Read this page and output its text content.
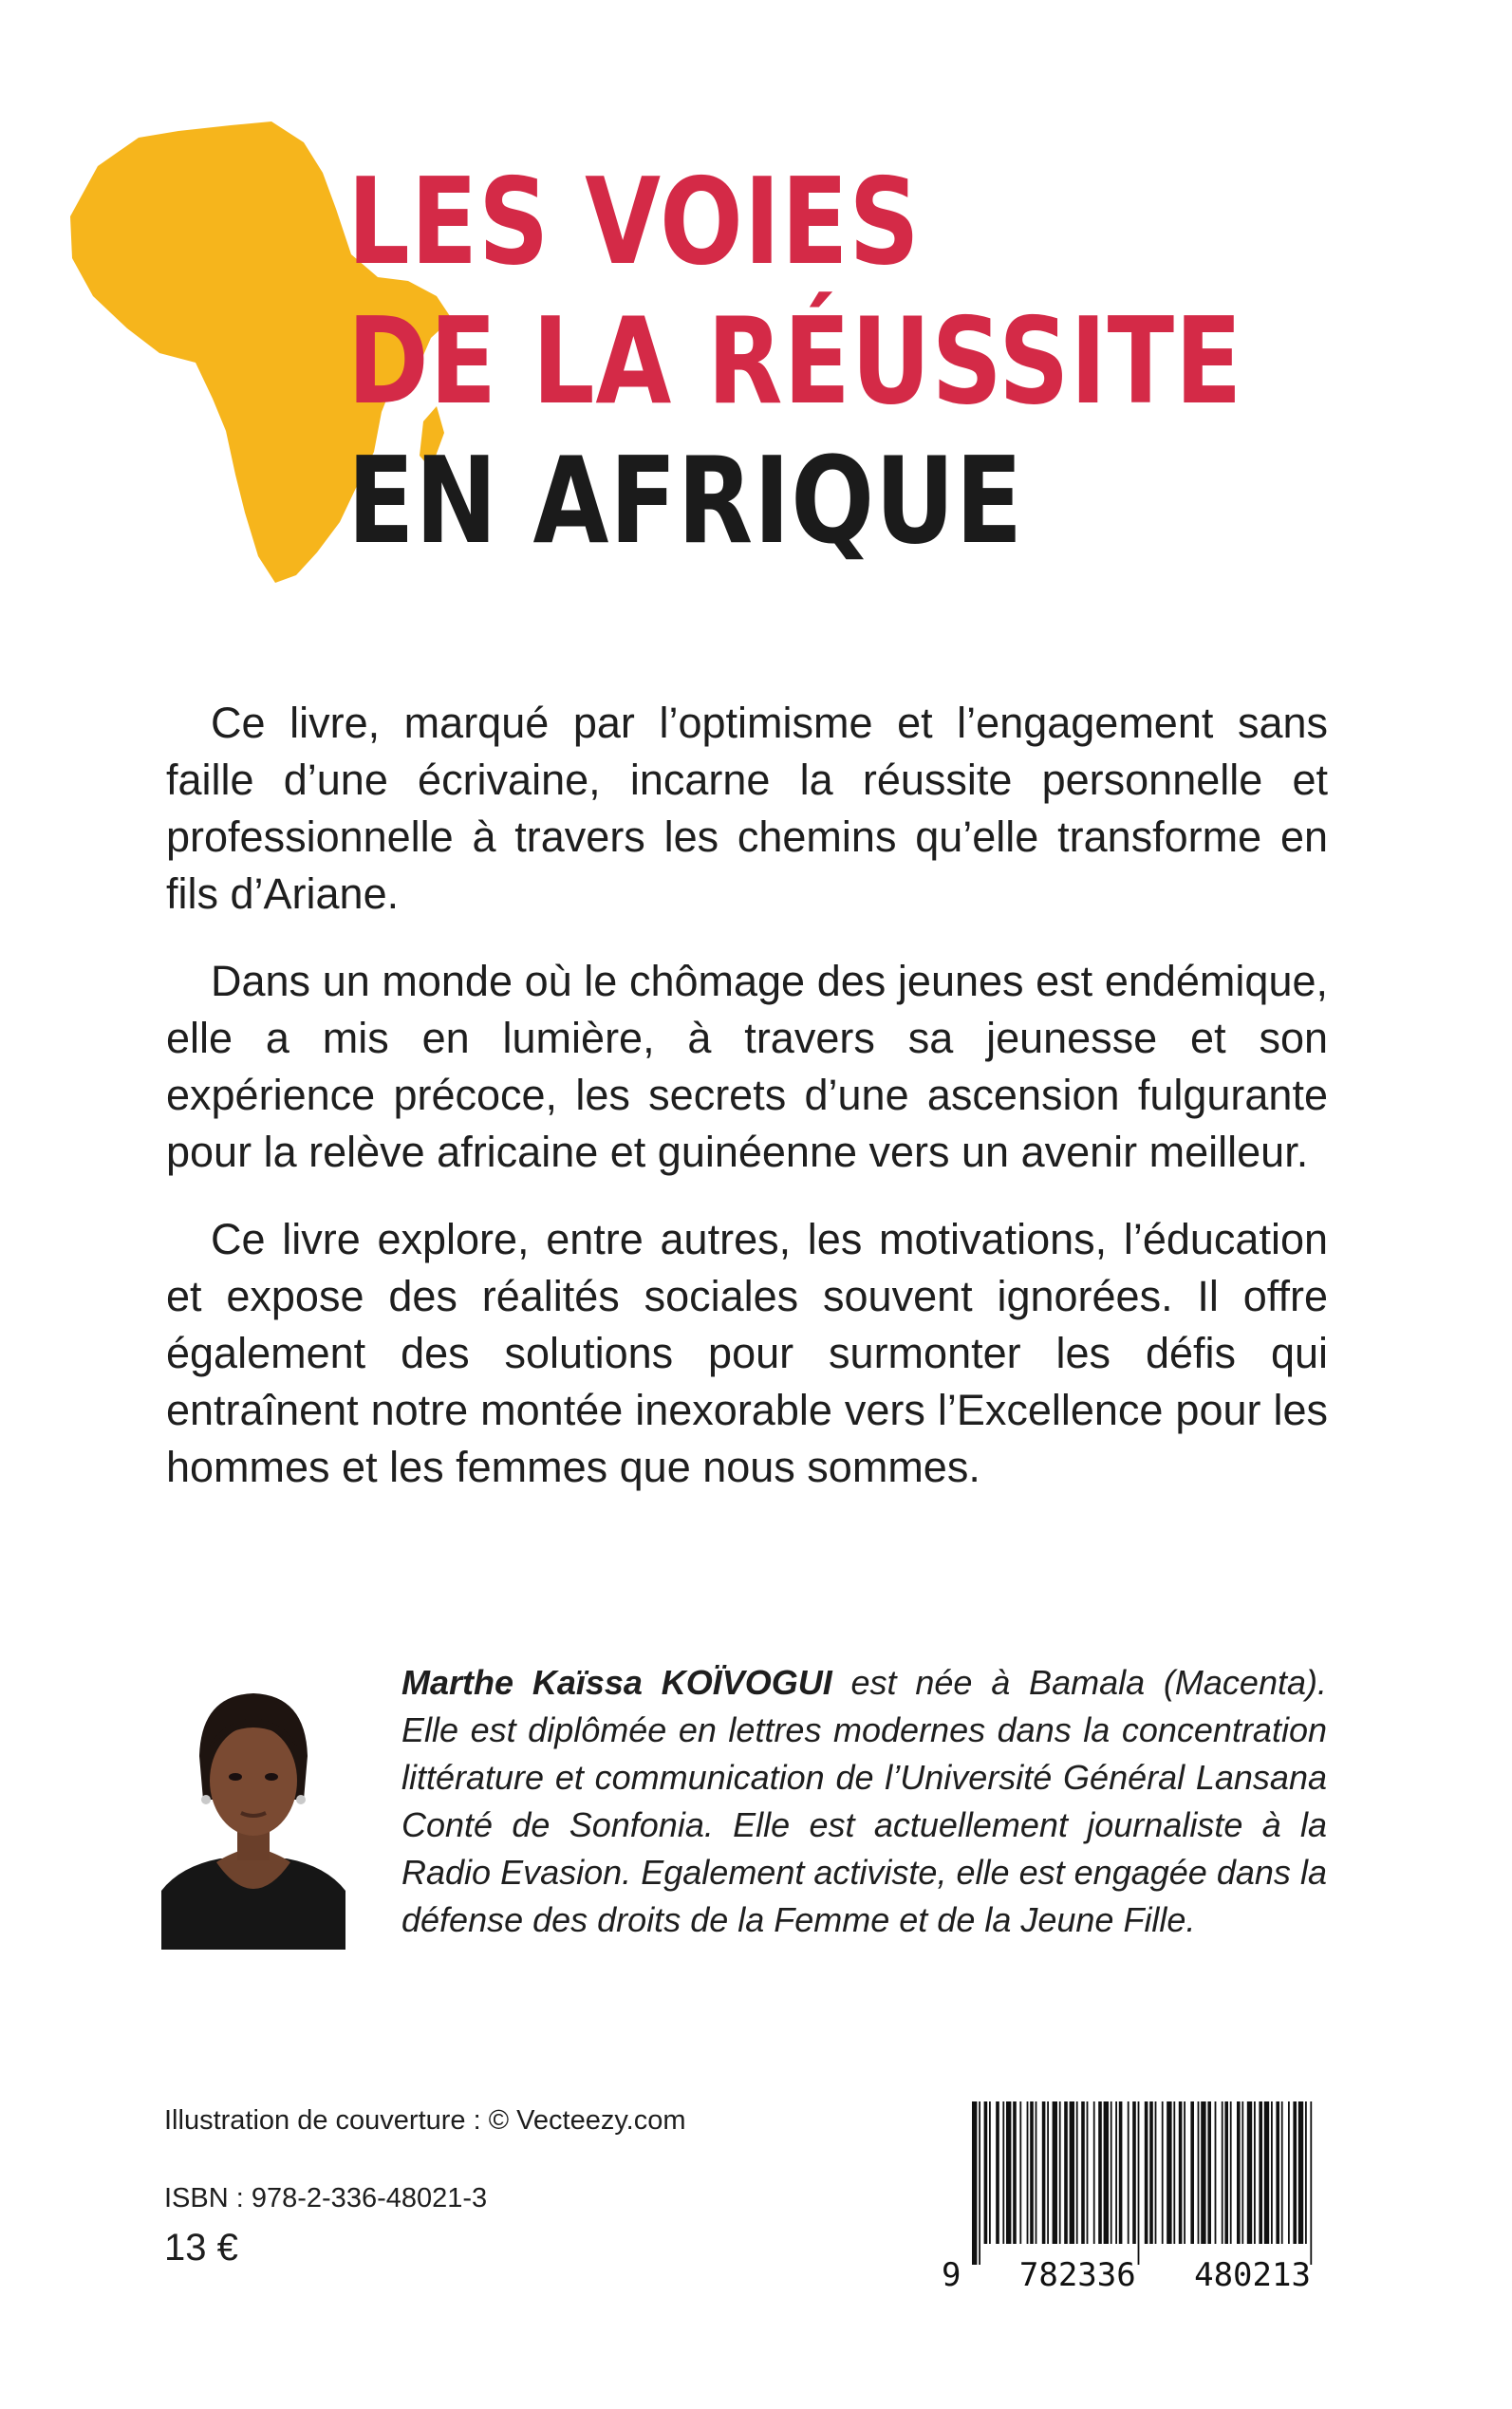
LES VOIES
DE LA RÉUSSITE
EN AFRIQUE

Ce livre, marqué par l’optimisme et l’engagement sans faille d’une écrivaine, incarne la réussite personnelle et professionnelle à travers les chemins qu’elle transforme en fils d’Ariane.

Dans un monde où le chômage des jeunes est endémique, elle a mis en lumière, à travers sa jeunesse et son expérience précoce, les secrets d’une ascension fulgurante pour la relève africaine et guinéenne vers un avenir meilleur.

Ce livre explore, entre autres, les motivations, l’éducation et expose des réalités sociales souvent ignorées. Il offre également des solutions pour surmonter les défis qui entraînent notre montée inexorable vers l’Excellence pour les hommes et les femmes que nous sommes.

Marthe Kaïssa KOÏVOGUI est née à Bamala (Macenta). Elle est diplômée en lettres modernes dans la concentration littérature et communication de l’Université Général Lansana Conté de Sonfonia. Elle est actuellement journaliste à la Radio Evasion. Egalement activiste, elle est engagée dans la défense des droits de la Femme et de la Jeune Fille.

Illustration de couverture : © Vecteezy.com
ISBN : 978-2-336-48021-3
13 €
9   782336   480213
